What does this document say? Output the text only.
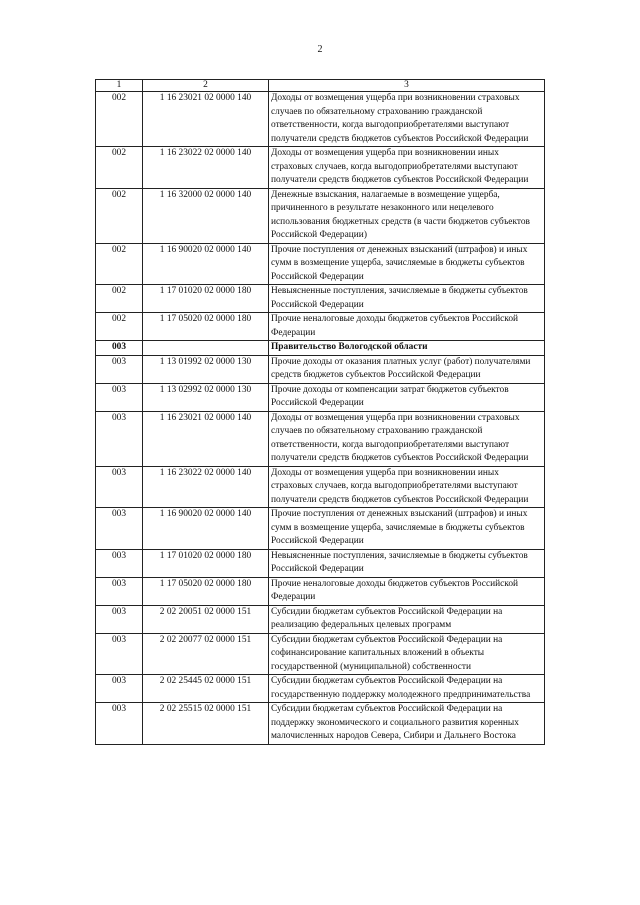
2
1	2	3
002	1 16 23021 02 0000 140	Доходы от возмещения ущерба при возникновении страховых случаев по обязательному страхованию гражданской ответственности, когда выгодоприобретателями выступают получатели средств бюджетов субъектов Российской Федерации
002	1 16 23022 02 0000 140	Доходы от возмещения ущерба при возникновении иных страховых случаев, когда выгодоприобретателями выступают получатели средств бюджетов субъектов Российской Федерации
002	1 16 32000 02 0000 140	Денежные взыскания, налагаемые в возмещение ущерба, причиненного в результате незаконного или нецелевого использования бюджетных средств (в части бюджетов субъектов Российской Федерации)
002	1 16 90020 02 0000 140	Прочие поступления от денежных взысканий (штрафов) и иных сумм в возмещение ущерба, зачисляемые в бюджеты субъектов Российской Федерации
002	1 17 01020 02 0000 180	Невыясненные поступления, зачисляемые в бюджеты субъектов Российской Федерации
002	1 17 05020 02 0000 180	Прочие неналоговые доходы бюджетов субъектов Российской Федерации
003		Правительство Вологодской области
003	1 13 01992 02 0000 130	Прочие доходы от оказания платных услуг (работ) получателями средств бюджетов субъектов Российской Федерации
003	1 13 02992 02 0000 130	Прочие доходы от компенсации затрат бюджетов субъектов Российской Федерации
003	1 16 23021 02 0000 140	Доходы от возмещения ущерба при возникновении страховых случаев по обязательному страхованию гражданской ответственности, когда выгодоприобретателями выступают получатели средств бюджетов субъектов Российской Федерации
003	1 16 23022 02 0000 140	Доходы от возмещения ущерба при возникновении иных страховых случаев, когда выгодоприобретателями выступают получатели средств бюджетов субъектов Российской Федерации
003	1 16 90020 02 0000 140	Прочие поступления от денежных взысканий (штрафов) и иных сумм в возмещение ущерба, зачисляемые в бюджеты субъектов Российской Федерации
003	1 17 01020 02 0000 180	Невыясненные поступления, зачисляемые в бюджеты субъектов Российской Федерации
003	1 17 05020 02 0000 180	Прочие неналоговые доходы бюджетов субъектов Российской Федерации
003	2 02 20051 02 0000 151	Субсидии бюджетам субъектов Российской Федерации на реализацию федеральных целевых программ
003	2 02 20077 02 0000 151	Субсидии бюджетам субъектов Российской Федерации на софинансирование капитальных вложений в объекты государственной (муниципальной) собственности
003	2 02 25445 02 0000 151	Субсидии бюджетам субъектов Российской Федерации на государственную поддержку молодежного предпринимательства
003	2 02 25515 02 0000 151	Субсидии бюджетам субъектов Российской Федерации на поддержку экономического и социального развития коренных малочисленных народов Севера, Сибири и Дальнего Востока
